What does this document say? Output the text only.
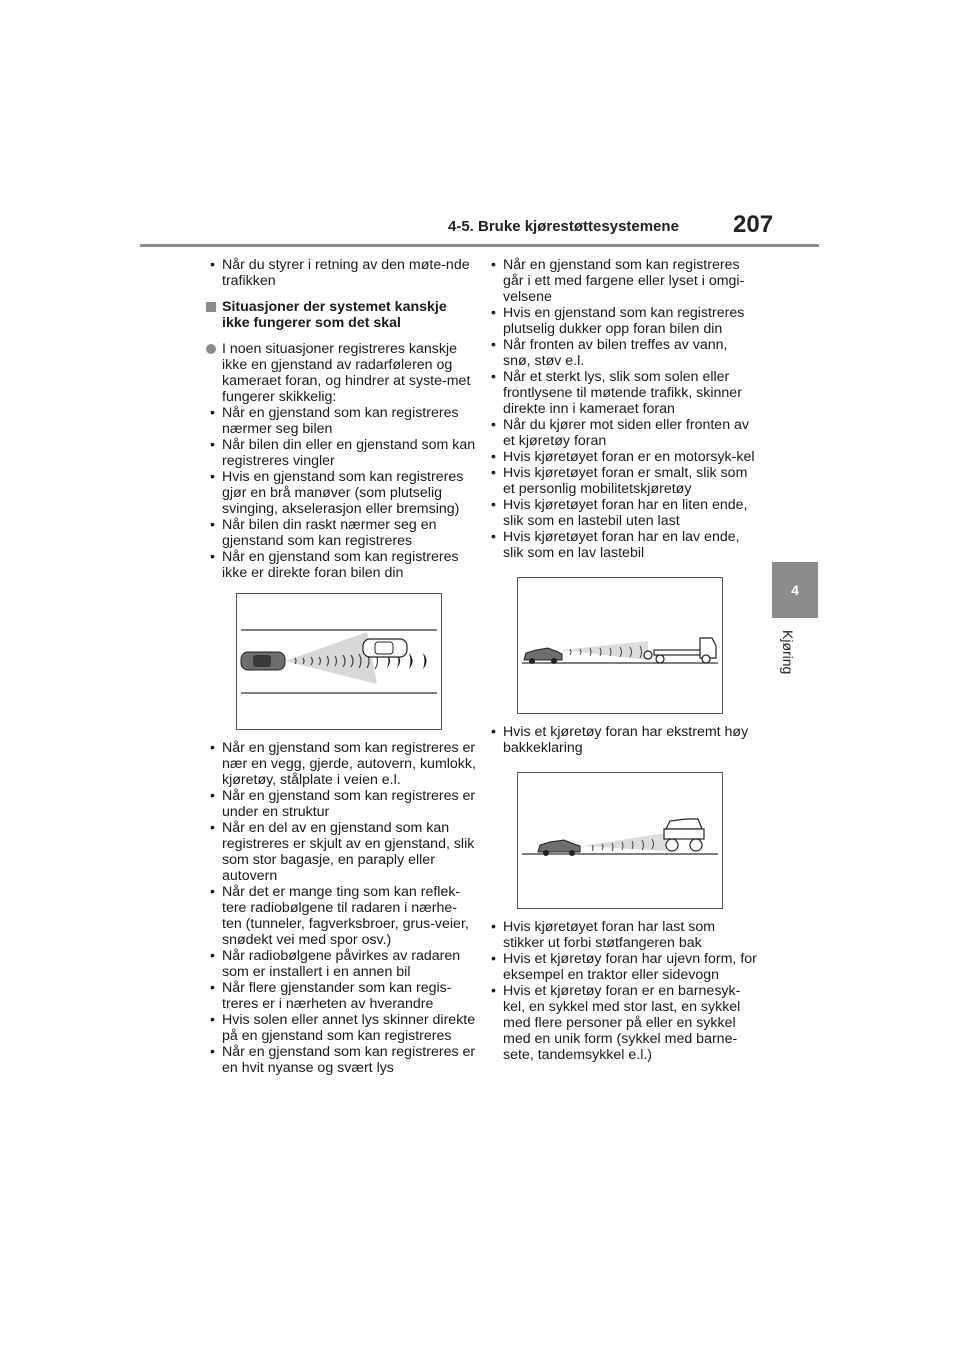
4-5. Bruke kjørestøttesystemene 207
4
Kjøring
• Når du styrer i retning av den møte-nde trafikken
Situasjoner der systemet kanskje ikke fungerer som det skal
I noen situasjoner registreres kanskje ikke en gjenstand av radarføleren og kameraet foran, og hindrer at syste-met fungerer skikkelig:
• Når en gjenstand som kan registreres nærmer seg bilen
• Når bilen din eller en gjenstand som kan registreres vingler
• Hvis en gjenstand som kan registreres gjør en brå manøver (som plutselig svinging, akselerasjon eller bremsing)
• Når bilen din raskt nærmer seg en gjenstand som kan registreres
• Når en gjenstand som kan registreres ikke er direkte foran bilen din
• Når en gjenstand som kan registreres er nær en vegg, gjerde, autovern, kumlokk, kjøretøy, stålplate i veien e.l.
• Når en gjenstand som kan registreres er under en struktur
• Når en del av en gjenstand som kan registreres er skjult av en gjenstand, slik som stor bagasje, en paraply eller autovern
• Når det er mange ting som kan reflek-tere radiobølgene til radaren i nærhe-ten (tunneler, fagverksbroer, grus-veier, snødekt vei med spor osv.)
• Når radiobølgene påvirkes av radaren som er installert i en annen bil
• Når flere gjenstander som kan regis-treres er i nærheten av hverandre
• Hvis solen eller annet lys skinner direkte på en gjenstand som kan registreres
• Når en gjenstand som kan registreres er en hvit nyanse og svært lys
• Når en gjenstand som kan registreres går i ett med fargene eller lyset i omgi-velsene
• Hvis en gjenstand som kan registreres plutselig dukker opp foran bilen din
• Når fronten av bilen treffes av vann, snø, støv e.l.
• Når et sterkt lys, slik som solen eller frontlysene til møtende trafikk, skinner direkte inn i kameraet foran
• Når du kjører mot siden eller fronten av et kjøretøy foran
• Hvis kjøretøyet foran er en motorsyk-kel
• Hvis kjøretøyet foran er smalt, slik som et personlig mobilitetskjøretøy
• Hvis kjøretøyet foran har en liten ende, slik som en lastebil uten last
• Hvis kjøretøyet foran har en lav ende, slik som en lav lastebil
• Hvis et kjøretøy foran har ekstremt høy bakkeklaring
• Hvis kjøretøyet foran har last som stikker ut forbi støtfangeren bak
• Hvis et kjøretøy foran har ujevn form, for eksempel en traktor eller sidevogn
• Hvis et kjøretøy foran er en barnesyk-kel, en sykkel med stor last, en sykkel med flere personer på eller en sykkel med en unik form (sykkel med barne-sete, tandemsykkel e.l.)
